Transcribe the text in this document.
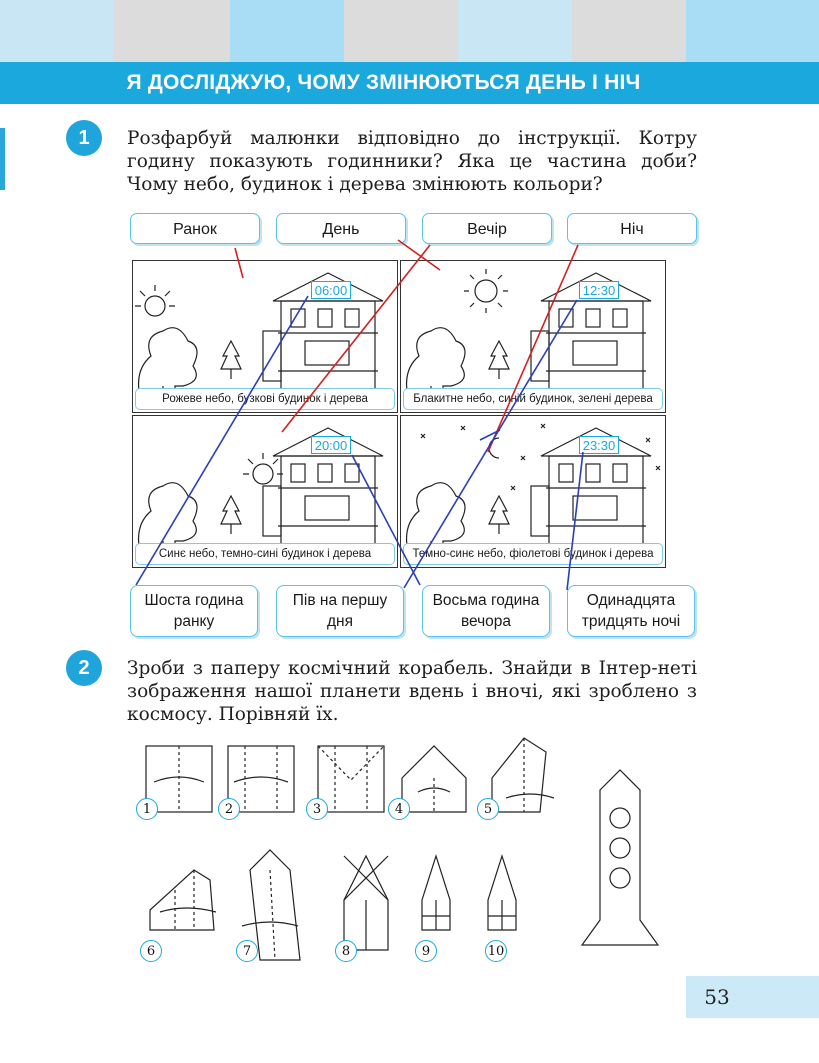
Я ДОСЛІДЖУЮ, ЧОМУ ЗМІНЮЮТЬСЯ ДЕНЬ І НІЧ
1	Розфарбуй малюнки відповідно до інструкції. Котру годину показують годинники? Яка це частина доби? Чому небо, будинок і дерева змінюють кольори?
Ранок	День	Вечір	Ніч
06:00
Рожеве небо, бузкові будинок і дерева
12:30
Блакитне небо, синій будинок, зелені дерева
20:00
Синє небо, темно-сині будинок і дерева
23:30
Темно-синє небо, фіолетові будинок і дерева
Шоста година ранку
Пів на першу дня
Восьма година вечора
Одинадцята тридцять ночі
2	Зроби з паперу космічний корабель. Знайди в Інтер-неті зображення нашої планети вдень і вночі, які зроблено з космосу. Порівняй їх.
1	2	3	4	5
6	7	8	9	10
53
